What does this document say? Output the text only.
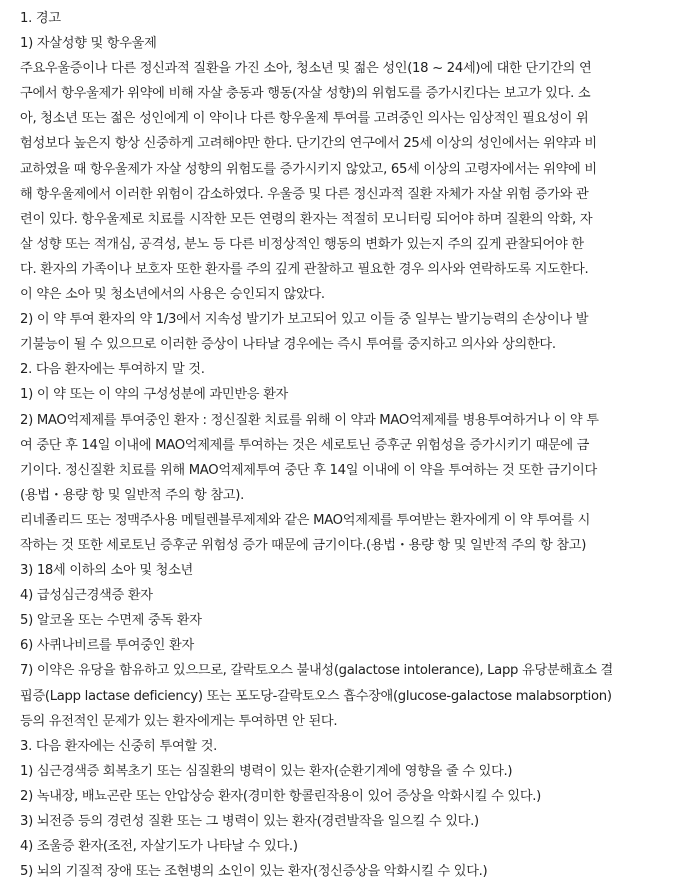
1. 경고
1) 자살성향 및 항우울제
주요우울증이나 다른 정신과적 질환을 가진 소아, 청소년 및 젊은 성인(18 ~ 24세)에 대한 단기간의 연
구에서 항우울제가 위약에 비해 자살 충동과 행동(자살 성향)의 위험도를 증가시킨다는 보고가 있다. 소
아, 청소년 또는 젊은 성인에게 이 약이나 다른 항우울제 투여를 고려중인 의사는 임상적인 필요성이 위
험성보다 높은지 항상 신중하게 고려해야만 한다. 단기간의 연구에서 25세 이상의 성인에서는 위약과 비
교하였을 때 항우울제가 자살 성향의 위험도를 증가시키지 않았고, 65세 이상의 고령자에서는 위약에 비
해 항우울제에서 이러한 위험이 감소하였다. 우울증 및 다른 정신과적 질환 자체가 자살 위험 증가와 관
련이 있다. 항우울제로 치료를 시작한 모든 연령의 환자는 적절히 모니터링 되어야 하며 질환의 악화, 자
살 성향 또는 적개심, 공격성, 분노 등 다른 비정상적인 행동의 변화가 있는지 주의 깊게 관찰되어야 한
다. 환자의 가족이나 보호자 또한 환자를 주의 깊게 관찰하고 필요한 경우 의사와 연락하도록 지도한다.
이 약은 소아 및 청소년에서의 사용은 승인되지 않았다.
2) 이 약 투여 환자의 약 1/3에서 지속성 발기가 보고되어 있고 이들 중 일부는 발기능력의 손상이나 발
기불능이 될 수 있으므로 이러한 증상이 나타날 경우에는 즉시 투여를 중지하고 의사와 상의한다.
2. 다음 환자에는 투여하지 말 것.
1) 이 약 또는 이 약의 구성성분에 과민반응 환자
2) MAO억제제를 투여중인 환자 : 정신질환 치료를 위해 이 약과 MAO억제제를 병용투여하거나 이 약 투
여 중단 후 14일 이내에 MAO억제제를 투여하는 것은 세로토닌 증후군 위험성을 증가시키기 때문에 금
기이다. 정신질환 치료를 위해 MAO억제제투여 중단 후 14일 이내에 이 약을 투여하는 것 또한 금기이다
(용법・용량 항 및 일반적 주의 항 참고).
리네졸리드 또는 정맥주사용 메틸렌블루제제와 같은 MAO억제제를 투여받는 환자에게 이 약 투여를 시
작하는 것 또한 세로토닌 증후군 위험성 증가 때문에 금기이다.(용법・용량 항 및 일반적 주의 항 참고)
3) 18세 이하의 소아 및 청소년
4) 급성심근경색증 환자
5) 알코올 또는 수면제 중독 환자
6) 사퀴나비르를 투여중인 환자
7) 이약은 유당을 함유하고 있으므로, 갈락토오스 불내성(galactose intolerance), Lapp 유당분해효소 결
핍증(Lapp lactase deficiency) 또는 포도당-갈락토오스 흡수장애(glucose-galactose malabsorption)
등의 유전적인 문제가 있는 환자에게는 투여하면 안 된다.
3. 다음 환자에는 신중히 투여할 것.
1) 심근경색증 회복초기 또는 심질환의 병력이 있는 환자(순환기계에 영향을 줄 수 있다.)
2) 녹내장, 배뇨곤란 또는 안압상승 환자(경미한 항콜린작용이 있어 증상을 악화시킬 수 있다.)
3) 뇌전증 등의 경련성 질환 또는 그 병력이 있는 환자(경련발작을 일으킬 수 있다.)
4) 조울증 환자(조전, 자살기도가 나타날 수 있다.)
5) 뇌의 기질적 장애 또는 조현병의 소인이 있는 환자(정신증상을 악화시킬 수 있다.)
